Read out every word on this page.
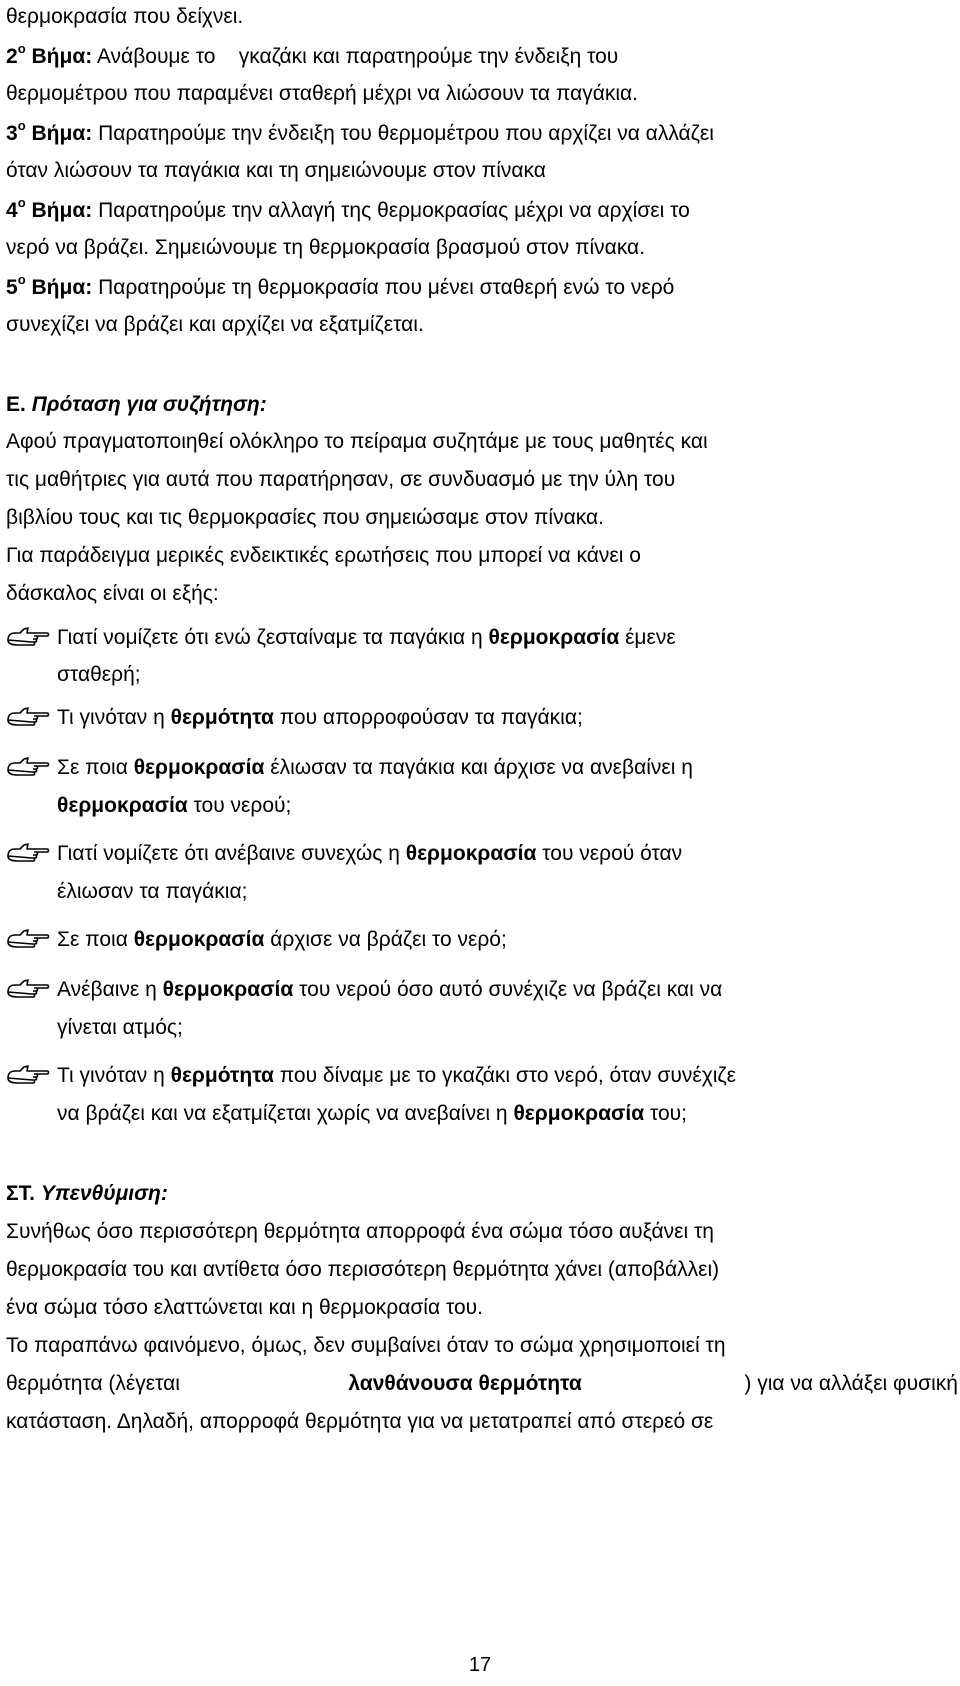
θερμοκρασία που δείχνει.
$2^o$ Βήμα: Ανάβουμε το    γκαζάκι και παρατηρούμε την ένδειξη του
θερμομέτρου που παραμένει σταθερή μέχρι να λιώσουν τα παγάκια.
$3^o$ Βήμα: Παρατηρούμε την ένδειξη του θερμομέτρου που αρχίζει να αλλάζει
όταν λιώσουν τα παγάκια και τη σημειώνουμε στον πίνακα
$4^o$ Βήμα: Παρατηρούμε την αλλαγή της θερμοκρασίας μέχρι να αρχίσει το
νερό να βράζει. Σημειώνουμε τη θερμοκρασία βρασμού στον πίνακα.
$5^o$ Βήμα: Παρατηρούμε τη θερμοκρασία που μένει σταθερή ενώ το νερό
συνεχίζει να βράζει και αρχίζει να εξατμίζεται.
Ε. Πρόταση για συζήτηση:
Αφού πραγματοποιηθεί ολόκληρο το πείραμα συζητάμε με τους μαθητές και
τις μαθήτριες για αυτά που παρατήρησαν, σε συνδυασμό με την ύλη του
βιβλίου τους και τις θερμοκρασίες που σημειώσαμε στον πίνακα.
Για παράδειγμα μερικές ενδεικτικές ερωτήσεις που μπορεί να κάνει ο
δάσκαλος είναι οι εξής:
Γιατί νομίζετε ότι ενώ ζεσταίναμε τα παγάκια η θερμοκρασία έμενε
σταθερή;
Τι γινόταν η θερμότητα που απορροφούσαν τα παγάκια;
Σε ποια θερμοκρασία έλιωσαν τα παγάκια και άρχισε να ανεβαίνει η
θερμοκρασία του νερού;
Γιατί νομίζετε ότι ανέβαινε συνεχώς η θερμοκρασία του νερού όταν
έλιωσαν τα παγάκια;
Σε ποια θερμοκρασία άρχισε να βράζει το νερό;
Ανέβαινε η θερμοκρασία του νερού όσο αυτό συνέχιζε να βράζει και να
γίνεται ατμός;
Τι γινόταν η θερμότητα που δίναμε με το γκαζάκι στο νερό, όταν συνέχιζε
να βράζει και να εξατμίζεται χωρίς να ανεβαίνει η θερμοκρασία του;
ΣΤ. Υπενθύμιση:
Συνήθως όσο περισσότερη θερμότητα απορροφά ένα σώμα τόσο αυξάνει τη
θερμοκρασία του και αντίθετα όσο περισσότερη θερμότητα χάνει (αποβάλλει)
ένα σώμα τόσο ελαττώνεται και η θερμοκρασία του.
Το παραπάνω φαινόμενο, όμως, δεν συμβαίνει όταν το σώμα χρησιμοποιεί τη
θερμότητα (λέγεται	λανθάνουσα θερμότητα	) για να αλλάξει φυσική
κατάσταση. Δηλαδή, απορροφά θερμότητα για να μετατραπεί από στερεό σε
17
